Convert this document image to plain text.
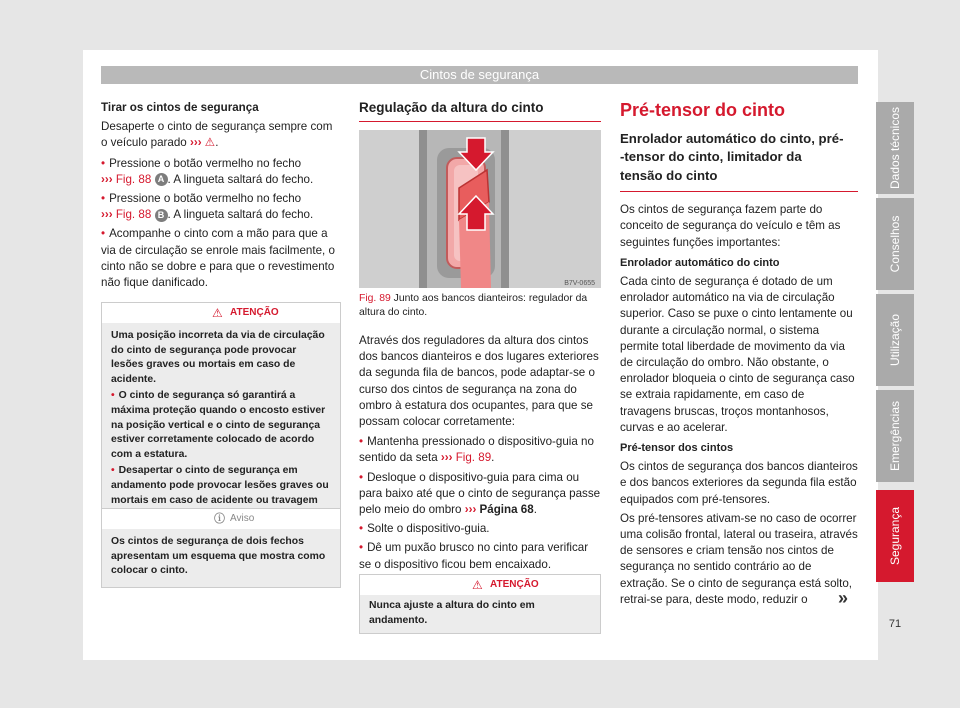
Cintos de segurança

Tirar os cintos de segurança

Desaperte o cinto de segurança sempre com o veículo parado ››› ⚠.

• Pressione o botão vermelho no fecho
››› Fig. 88 A . A lingueta saltará do fecho.

• Pressione o botão vermelho no fecho
››› Fig. 88 B . A lingueta saltará do fecho.

• Acompanhe o cinto com a mão para que a via de circulação se enrole mais facilmente, o cinto não se dobre e para que o revestimento não fique danificado.

⚠ ATENÇÃO
Uma posição incorreta da via de circulação do cinto de segurança pode provocar lesões graves ou mortais em caso de acidente.
• O cinto de segurança só garantirá a máxima proteção quando o encosto estiver na posição vertical e o cinto de segurança estiver corretamente colocado de acordo com a estatura.
• Desapertar o cinto de segurança em andamento pode provocar lesões graves ou mortais em caso de acidente ou travagem
ⓘ Aviso
Os cintos de segurança de dois fechos apresentam um esquema que mostra como colocar o cinto.
Regulação da altura do cinto
B7V-0655
Fig. 89 Junto aos bancos dianteiros: regulador da altura do cinto.

Através dos reguladores da altura dos cintos dos bancos dianteiros e dos lugares exteriores da segunda fila de bancos, pode adaptar-se o curso dos cintos de segurança na zona do ombro à estatura dos ocupantes, para que se possam colocar corretamente:

• Mantenha pressionado o dispositivo-guia no sentido da seta ››› Fig. 89.

• Desloque o dispositivo-guia para cima ou para baixo até que o cinto de segurança passe pelo meio do ombro ››› Página 68.

• Solte o dispositivo-guia.

• Dê um puxão brusco no cinto para verificar se o dispositivo ficou bem encaixado.

⚠ ATENÇÃO
Nunca ajuste a altura do cinto em andamento.
Pré-tensor do cinto
Enrolador automático do cinto, pré--tensor do cinto, limitador da tensão do cinto

Os cintos de segurança fazem parte do conceito de segurança do veículo e têm as seguintes funções importantes:

Enrolador automático do cinto

Cada cinto de segurança é dotado de um enrolador automático na via de circulação superior. Caso se puxe o cinto lentamente ou durante a circulação normal, o sistema permite total liberdade de movimento da via de circulação do ombro. Não obstante, o enrolador bloqueia o cinto de segurança caso se extraia rapidamente, em caso de travagens bruscas, troços montanhosos, curvas e ao acelerar.

Pré-tensor dos cintos

Os cintos de segurança dos bancos dianteiros e dos bancos exteriores da segunda fila estão equipados com pré-tensores.

Os pré-tensores ativam-se no caso de ocorrer uma colisão frontal, lateral ou traseira, através de sensores e criam tensão nos cintos de segurança no sentido contrário ao de extração. Se o cinto de segurança está solto, retrai-se para, deste modo, reduzir o	»
Dados técnicos
Conselhos
Utilização
Emergências
Segurança
71
